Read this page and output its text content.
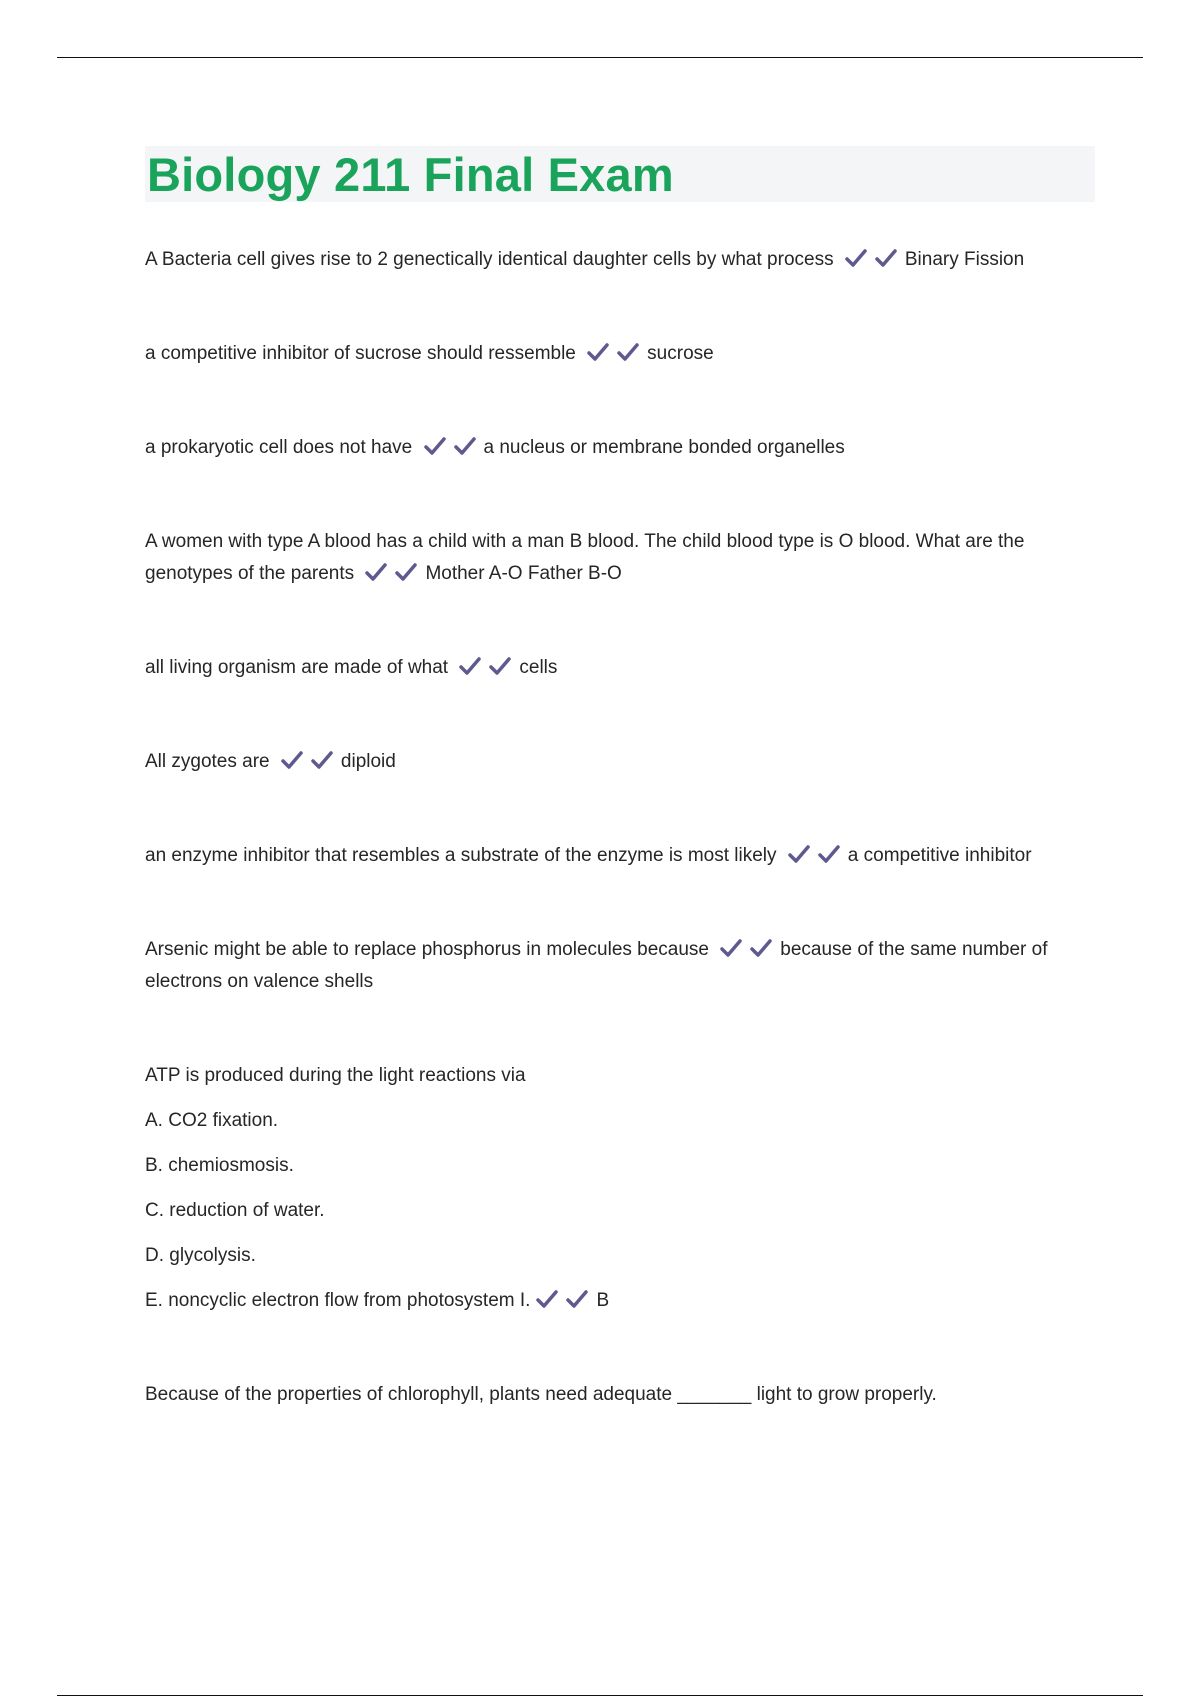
Biology 211 Final Exam
A Bacteria cell gives rise to 2 genectically identical daughter cells by what process	Binary Fission
a competitive inhibitor of sucrose should ressemble	sucrose
a prokaryotic cell does not have	a nucleus or membrane bonded organelles
A women with type A blood has a child with a man B blood. The child blood type is O blood. What are the genotypes of the parents	Mother A-O Father B-O
all living organism are made of what	cells
All zygotes are	diploid
an enzyme inhibitor that resembles a substrate of the enzyme is most likely	a competitive inhibitor
Arsenic might be able to replace phosphorus in molecules because	because of the same number of electrons on valence shells
ATP is produced during the light reactions via
A. CO2 fixation.
B. chemiosmosis.
C. reduction of water.
D. glycolysis.
E. noncyclic electron flow from photosystem I.	B
Because of the properties of chlorophyll, plants need adequate _______ light to grow properly.
